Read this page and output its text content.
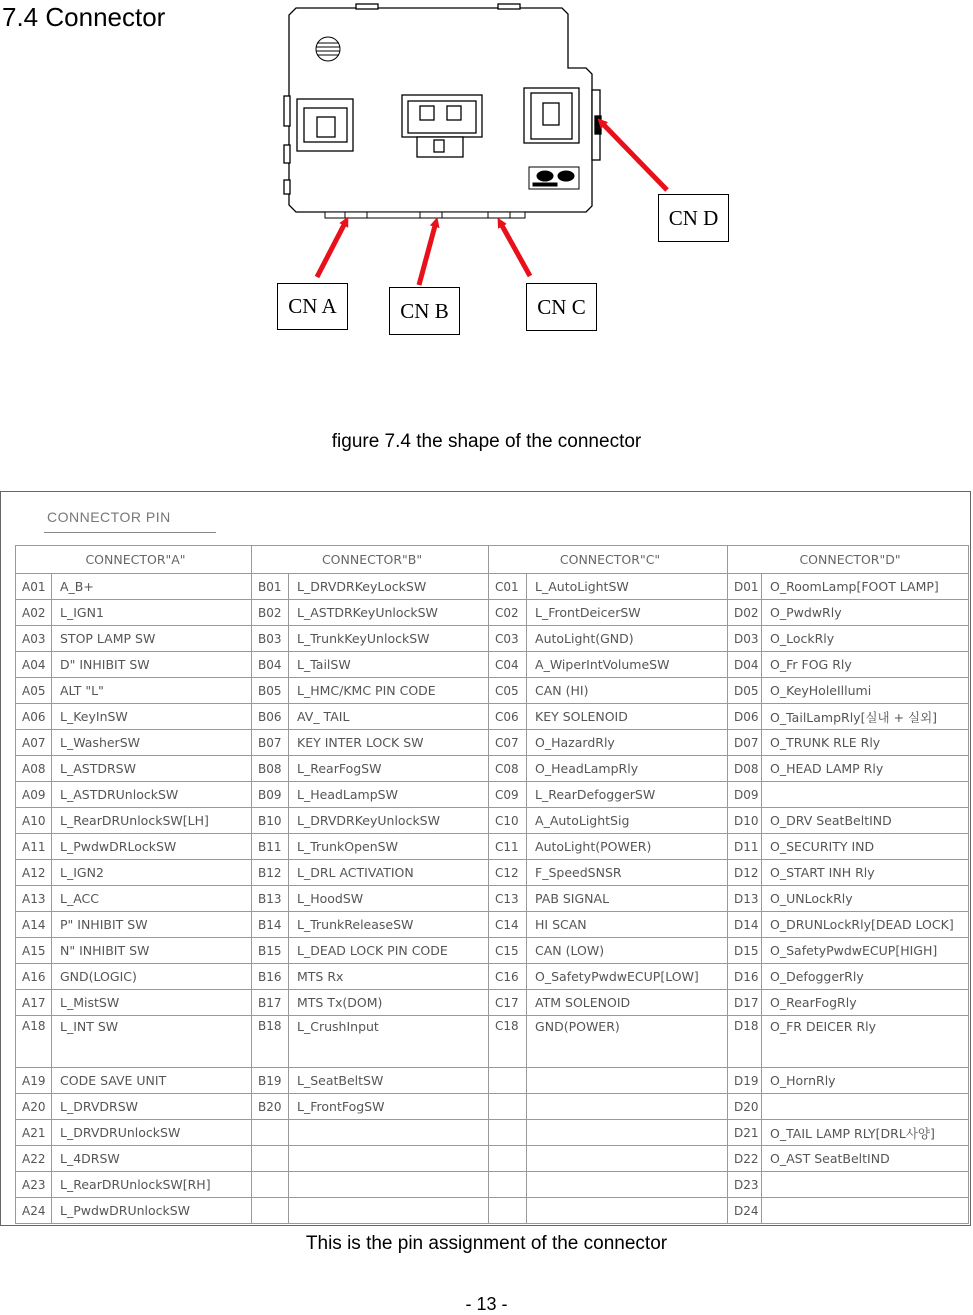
7.4 Connector
CN A	CN B	CN C
CN D
figure 7.4 the shape of the connector
CONNECTOR PIN
CONNECTOR"A"		CONNECTOR"B"		CONNECTOR"C"		CONNECTOR"D"	
A01	A_B+	B01	L_DRVDRKeyLockSW	C01	L_AutoLightSW	D01	O_RoomLamp[FOOT LAMP]
A02	L_IGN1	B02	L_ASTDRKeyUnlockSW	C02	L_FrontDeicerSW	D02	O_PwdwRly
A03	STOP LAMP SW	B03	L_TrunkKeyUnlockSW	C03	AutoLight(GND)	D03	O_LockRly
A04	D" INHIBIT SW	B04	L_TailSW	C04	A_WiperIntVolumeSW	D04	O_Fr FOG Rly
A05	ALT "L"	B05	L_HMC/KMC PIN CODE	C05	CAN (HI)	D05	O_KeyHoleIllumi
A06	L_KeyInSW	B06	AV_ TAIL	C06	KEY SOLENOID	D06	O_TailLampRly[실내 + 실외]
A07	L_WasherSW	B07	KEY INTER LOCK SW	C07	O_HazardRly	D07	O_TRUNK RLE Rly
A08	L_ASTDRSW	B08	L_RearFogSW	C08	O_HeadLampRly	D08	O_HEAD LAMP Rly
A09	L_ASTDRUnlockSW	B09	L_HeadLampSW	C09	L_RearDefoggerSW	D09	
A10	L_RearDRUnlockSW[LH]	B10	L_DRVDRKeyUnlockSW	C10	A_AutoLightSig	D10	O_DRV SeatBeltIND
A11	L_PwdwDRLockSW	B11	L_TrunkOpenSW	C11	AutoLight(POWER)	D11	O_SECURITY IND
A12	L_IGN2	B12	L_DRL ACTIVATION	C12	F_SpeedSNSR	D12	O_START INH Rly
A13	L_ACC	B13	L_HoodSW	C13	PAB SIGNAL	D13	O_UNLockRly
A14	P" INHIBIT SW	B14	L_TrunkReleaseSW	C14	HI SCAN	D14	O_DRUNLockRly[DEAD LOCK]
A15	N" INHIBIT SW	B15	L_DEAD LOCK PIN CODE	C15	CAN (LOW)	D15	O_SafetyPwdwECUP[HIGH]
A16	GND(LOGIC)	B16	MTS Rx	C16	O_SafetyPwdwECUP[LOW]	D16	O_DefoggerRly
A17	L_MistSW	B17	MTS Tx(DOM)	C17	ATM SOLENOID	D17	O_RearFogRly
A18	L_INT SW	B18	L_CrushInput	C18	GND(POWER)	D18	O_FR DEICER Rly
A19	CODE SAVE UNIT	B19	L_SeatBeltSW			D19	O_HornRly
A20	L_DRVDRSW	B20	L_FrontFogSW			D20	
A21	L_DRVDRUnlockSW					D21	O_TAIL LAMP RLY[DRL사양]
A22	L_4DRSW					D22	O_AST SeatBeltIND
A23	L_RearDRUnlockSW[RH]					D23	
A24	L_PwdwDRUnlockSW					D24	
This is the pin assignment of the connector
- 13 -
